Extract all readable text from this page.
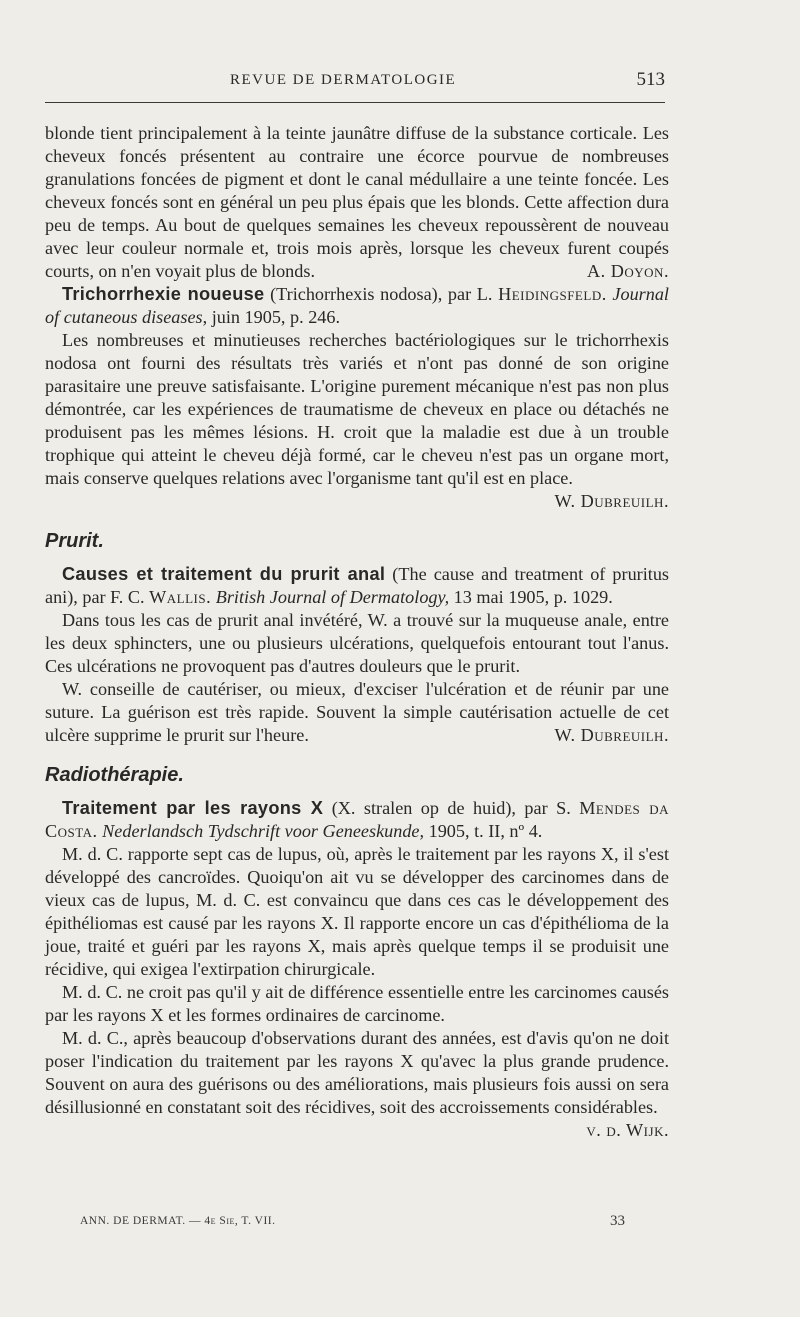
REVUE DE DERMATOLOGIE	513

blonde tient principalement à la teinte jaunâtre diffuse de la substance corticale. Les cheveux foncés présentent au contraire une écorce pourvue de nombreuses granulations foncées de pigment et dont le canal médullaire a une teinte foncée. Les cheveux foncés sont en général un peu plus épais que les blonds. Cette affection dura peu de temps. Au bout de quelques semaines les cheveux repoussèrent de nouveau avec leur couleur normale et, trois mois après, lorsque les cheveux furent coupés courts, on n'en voyait plus de blonds.	A. Doyon.

Trichorrhexie noueuse (Trichorrhexis nodosa), par L. Heidingsfeld. Journal of cutaneous diseases, juin 1905, p. 246.

Les nombreuses et minutieuses recherches bactériologiques sur le trichorrhexis nodosa ont fourni des résultats très variés et n'ont pas donné de son origine parasitaire une preuve satisfaisante. L'origine purement mécanique n'est pas non plus démontrée, car les expériences de traumatisme de cheveux en place ou détachés ne produisent pas les mêmes lésions. H. croit que la maladie est due à un trouble trophique qui atteint le cheveu déjà formé, car le cheveu n'est pas un organe mort, mais conserve quelques relations avec l'organisme tant qu'il est en place.
W. Dubreuilh.

Prurit.

Causes et traitement du prurit anal (The cause and treatment of pruritus ani), par F. C. Wallis. British Journal of Dermatology, 13 mai 1905, p. 1029.

Dans tous les cas de prurit anal invétéré, W. a trouvé sur la muqueuse anale, entre les deux sphincters, une ou plusieurs ulcérations, quelquefois entourant tout l'anus. Ces ulcérations ne provoquent pas d'autres douleurs que le prurit.

W. conseille de cautériser, ou mieux, d'exciser l'ulcération et de réunir par une suture. La guérison est très rapide. Souvent la simple cautérisation actuelle de cet ulcère supprime le prurit sur l'heure.	W. Dubreuilh.

Radiothérapie.

Traitement par les rayons X (X. stralen op de huid), par S. Mendes da Costa. Nederlandsch Tydschrift voor Geneeskunde, 1905, t. II, nº 4.

M. d. C. rapporte sept cas de lupus, où, après le traitement par les rayons X, il s'est développé des cancroïdes. Quoiqu'on ait vu se développer des carcinomes dans de vieux cas de lupus, M. d. C. est convaincu que dans ces cas le développement des épithéliomas est causé par les rayons X. Il rapporte encore un cas d'épithélioma de la joue, traité et guéri par les rayons X, mais après quelque temps il se produisit une récidive, qui exigea l'extirpation chirurgicale.

M. d. C. ne croit pas qu'il y ait de différence essentielle entre les carcinomes causés par les rayons X et les formes ordinaires de carcinome.

M. d. C., après beaucoup d'observations durant des années, est d'avis qu'on ne doit poser l'indication du traitement par les rayons X qu'avec la plus grande prudence. Souvent on aura des guérisons ou des améliorations, mais plusieurs fois aussi on sera désillusionné en constatant soit des récidives, soit des accroissements considérables.
v. d. Wijk.

ANN. DE DERMAT. — 4e Sie, T. VII.	33
